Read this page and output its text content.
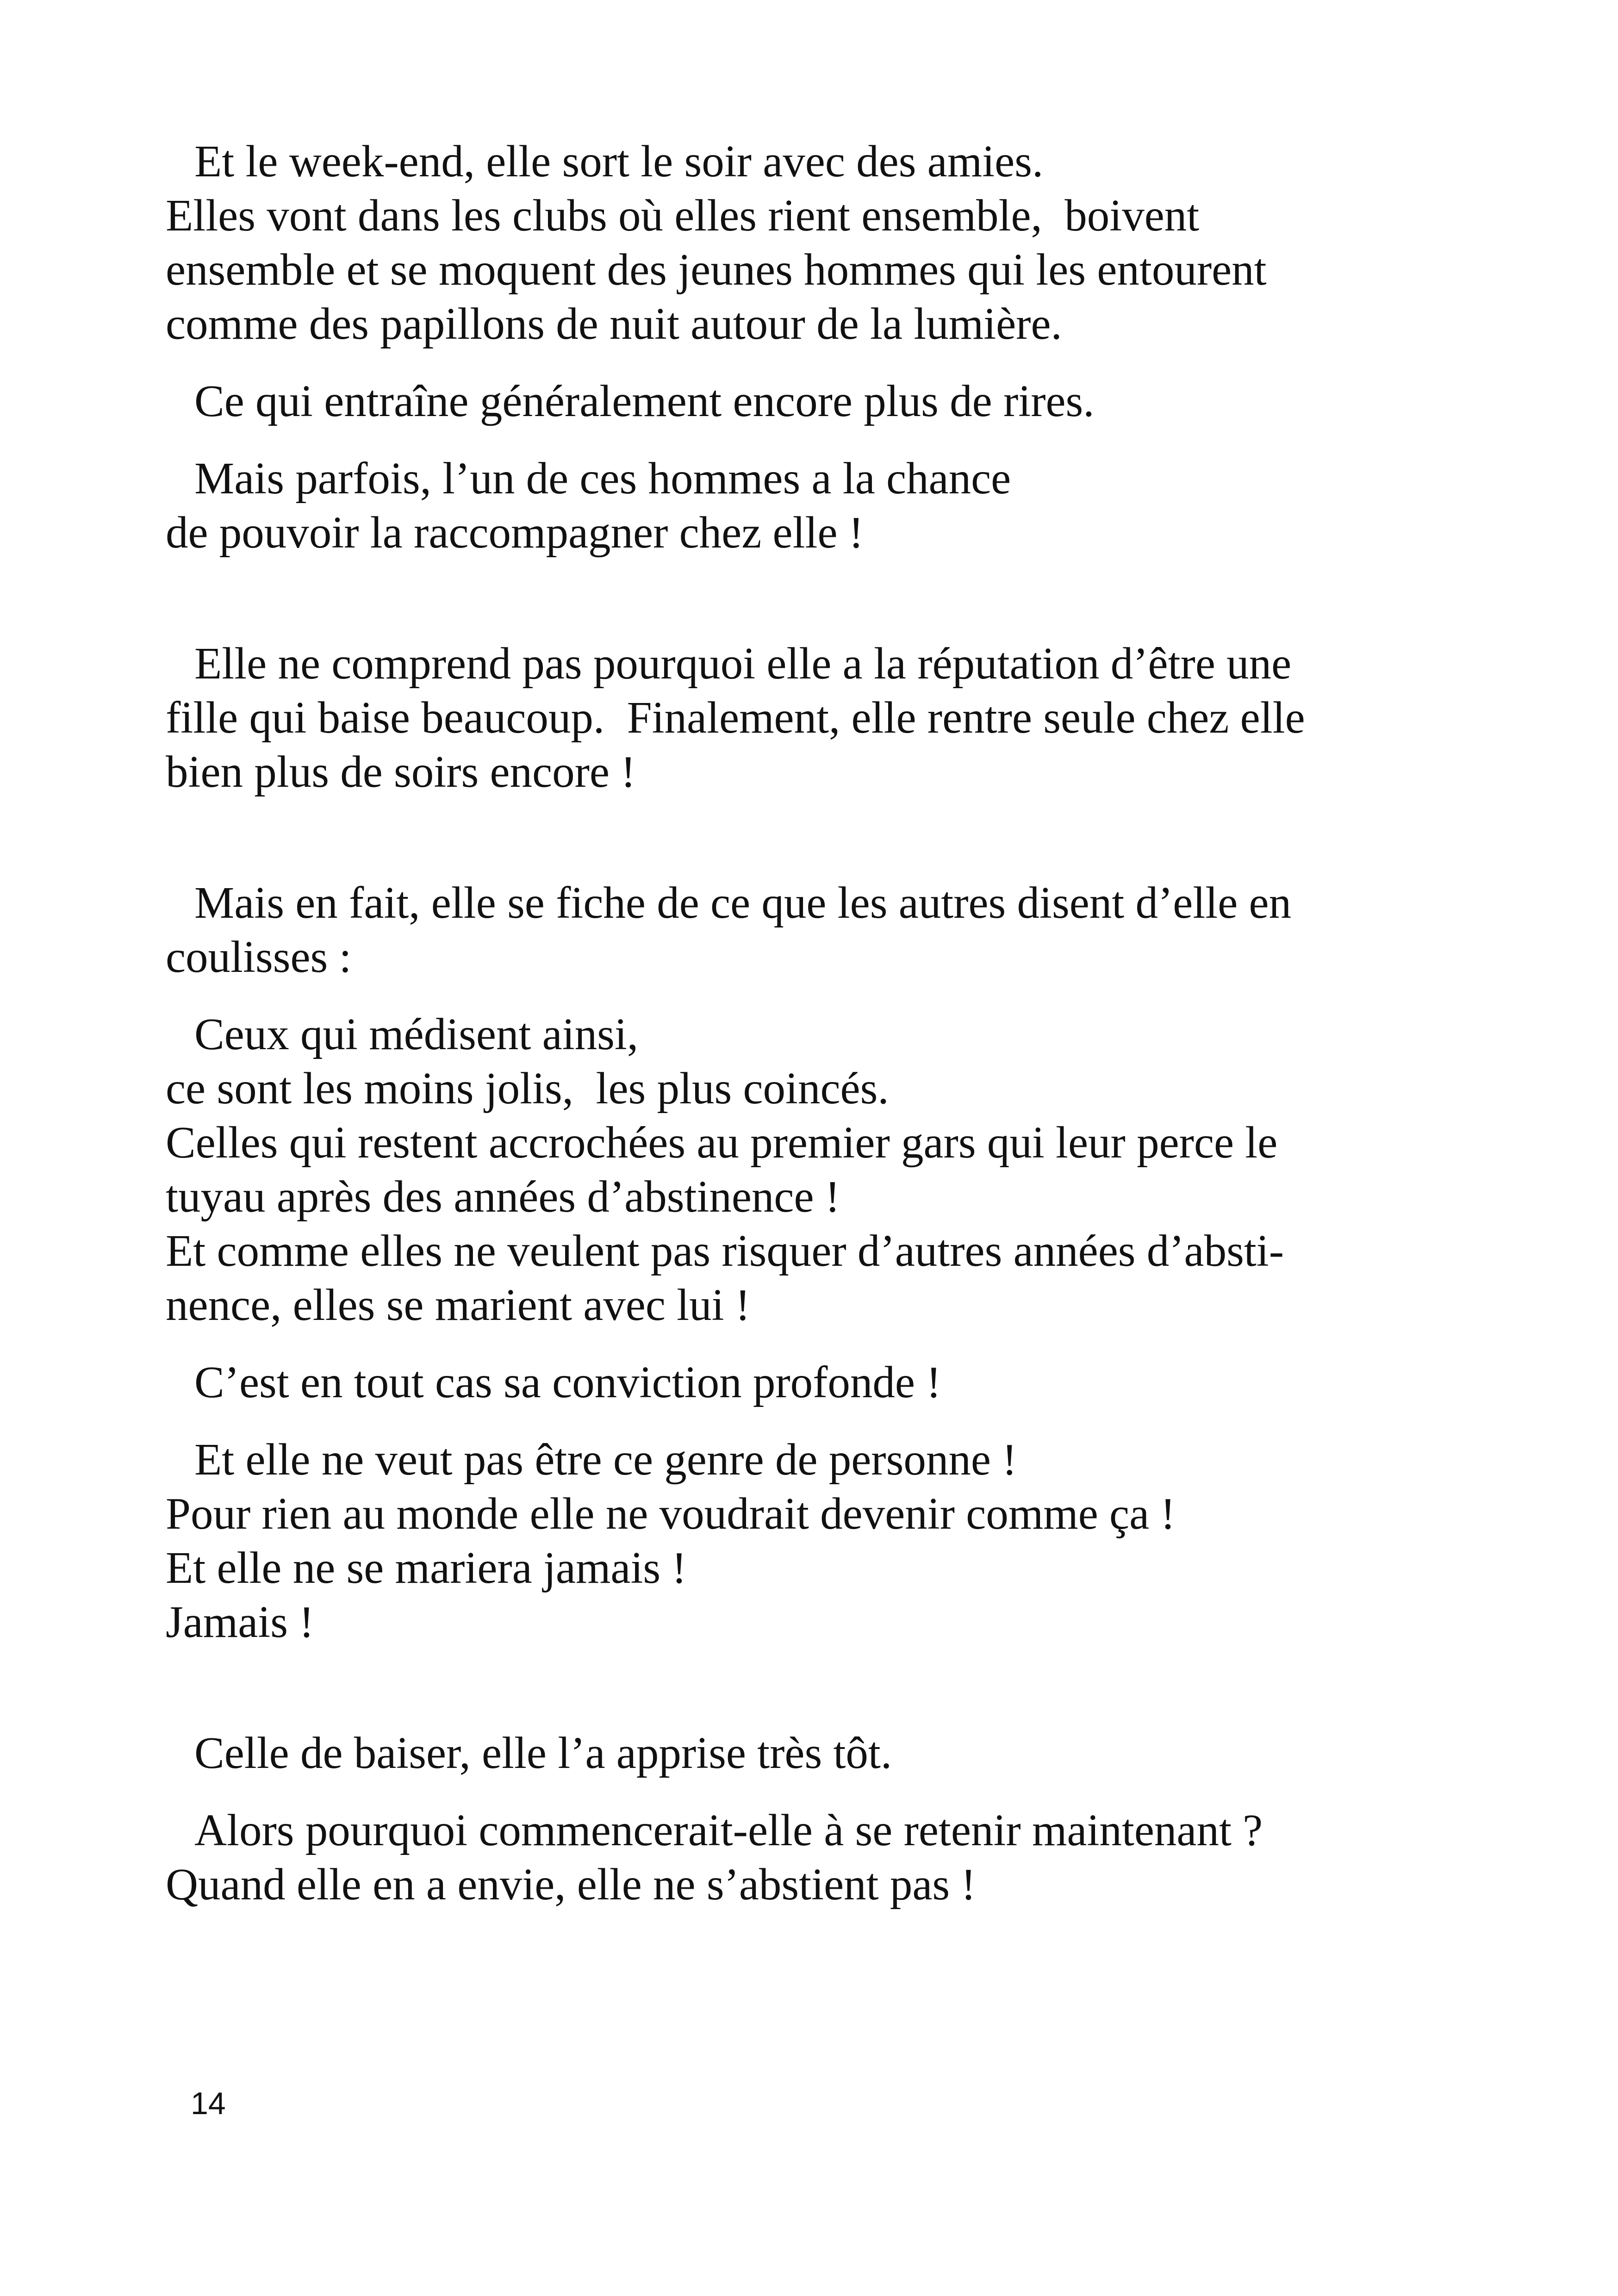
Et le week-end, elle sort le soir avec des amies.
Elles vont dans les clubs où elles rient ensemble,  boivent
ensemble et se moquent des jeunes hommes qui les entourent
comme des papillons de nuit autour de la lumière.
Ce qui entraîne généralement encore plus de rires.
Mais parfois, l’un de ces hommes a la chance
de pouvoir la raccompagner chez elle !
Elle ne comprend pas pourquoi elle a la réputation d’être une
fille qui baise beaucoup.  Finalement, elle rentre seule chez elle
bien plus de soirs encore !
Mais en fait, elle se fiche de ce que les autres disent d’elle en
coulisses :
Ceux qui médisent ainsi,
ce sont les moins jolis,  les plus coincés.
Celles qui restent accrochées au premier gars qui leur perce le
tuyau après des années d’abstinence !
Et comme elles ne veulent pas risquer d’autres années d’absti-
nence, elles se marient avec lui !
C’est en tout cas sa conviction profonde !
Et elle ne veut pas être ce genre de personne !
Pour rien au monde elle ne voudrait devenir comme ça !
Et elle ne se mariera jamais !
Jamais !
Celle de baiser, elle l’a apprise très tôt.
Alors pourquoi commencerait-elle à se retenir maintenant ?
Quand elle en a envie, elle ne s’abstient pas !
14
